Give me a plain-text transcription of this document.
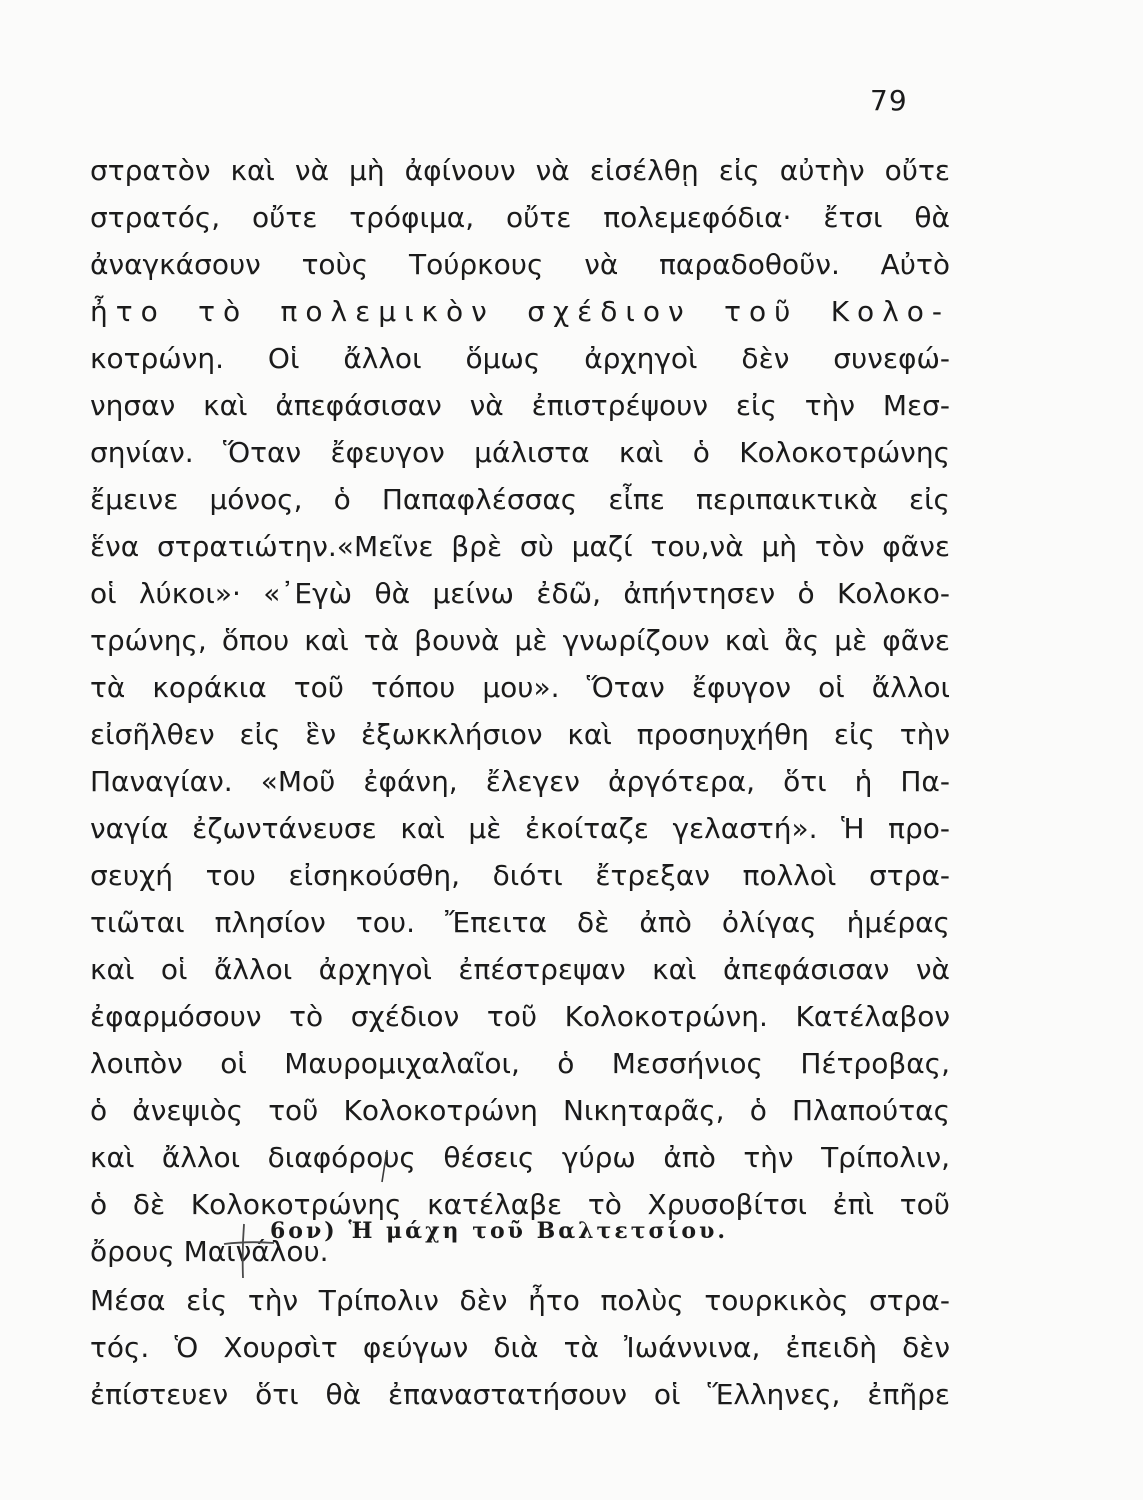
79
στρατὸν καὶ νὰ μὴ ἀφίνουν νὰ εἰσέλθῃ εἰς αὐτὴν οὔτε
στρατός, οὔτε τρόφιμα, οὔτε πολεμεφόδια· ἔτσι θὰ
ἀναγκάσουν τοὺς Τούρκους νὰ παραδοθοῦν. Αὐτὸ
ἦτο τὸ πολεμικὸν σχέδιον τοῦ Κολο-
κοτρώνη. Οἱ ἄλλοι ὅμως ἀρχηγοὶ δὲν συνεφώ-
νησαν καὶ ἀπεφάσισαν νὰ ἐπιστρέψουν εἰς τὴν Μεσ-
σηνίαν. Ὅταν ἔφευγον μάλιστα καὶ ὁ Κολοκοτρώνης
ἔμεινε μόνος, ὁ Παπαφλέσσας εἶπε περιπαικτικὰ εἰς
ἕνα στρατιώτην.«Μεῖνε βρὲ σὺ μαζί του,νὰ μὴ τὸν φᾶνε
οἱ λύκοι»· «᾿Εγὼ θὰ μείνω ἐδῶ, ἀπήντησεν ὁ Κολοκο-
τρώνης, ὅπου καὶ τὰ βουνὰ μὲ γνωρίζουν καὶ ἂς μὲ φᾶνε
τὰ κοράκια τοῦ τόπου μου». Ὅταν ἔφυγον οἱ ἄλλοι
εἰσῆλθεν εἰς ἓν ἐξωκκλήσιον καὶ προσηυχήθη εἰς τὴν
Παναγίαν. «Μοῦ ἐφάνη, ἔλεγεν ἀργότερα, ὅτι ἡ Πα-
ναγία ἐζωντάνευσε καὶ μὲ ἐκοίταζε γελαστή». Ἡ προ-
σευχή του εἰσηκούσθη, διότι ἔτρεξαν πολλοὶ στρα-
τιῶται πλησίον του. Ἔπειτα δὲ ἀπὸ ὀλίγας ἡμέρας
καὶ οἱ ἄλλοι ἀρχηγοὶ ἐπέστρεψαν καὶ ἀπεφάσισαν νὰ
ἐφαρμόσουν τὸ σχέδιον τοῦ Κολοκοτρώνη. Κατέλαβον
λοιπὸν οἱ Μαυρομιχαλαῖοι, ὁ Μεσσήνιος Πέτροβας,
ὁ ἀνεψιὸς τοῦ Κολοκοτρώνη Νικηταρᾶς, ὁ Πλαπούτας
καὶ ἄλλοι διαφόρους θέσεις γύρω ἀπὸ τὴν Τρίπολιν,
ὁ δὲ Κολοκοτρώνης κατέλαβε τὸ Χρυσοβίτσι ἐπὶ τοῦ
ὄρους Μαινάλου.
6ον) Ἡ μάχη τοῦ Βαλτετσίου.
Μέσα εἰς τὴν Τρίπολιν δὲν ἦτο πολὺς τουρκικὸς στρα-
τός. Ὁ Χουρσὶτ φεύγων διὰ τὰ Ἰωάννινα, ἐπειδὴ δὲν
ἐπίστευεν ὅτι θὰ ἐπαναστατήσουν οἱ Ἕλληνες, ἐπῆρε
